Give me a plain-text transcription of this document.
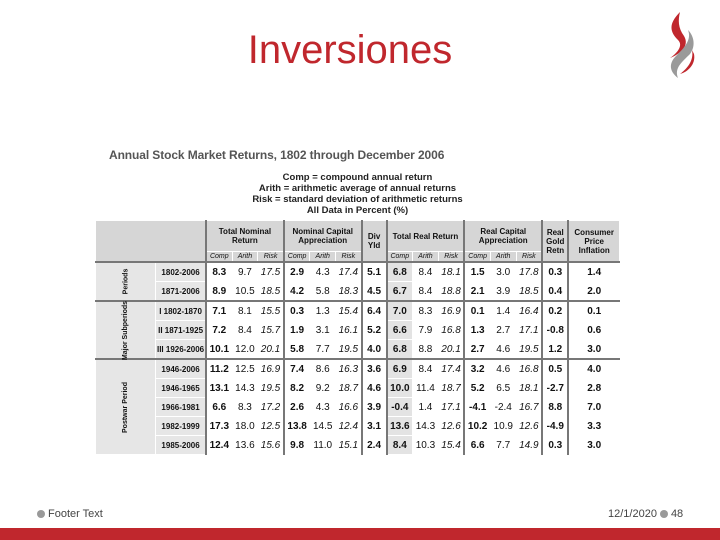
Inversiones
Annual Stock Market Returns, 1802 through December 2006
Comp = compound annual return
Arith = arithmetic average of annual returns
Risk = standard deviation of arithmetic returns
All Data in Percent (%)
		Total Nominal Return			Nominal Capital Appreciation			Div Yld	Total Real Return			Real Capital Appreciation			Real Gold Retn	Consumer Price Inflation
		Comp	Arith	Risk	Comp	Arith	Risk		Comp	Arith	Risk	Comp	Arith	Risk		
Periods	1802-2006	8.3	9.7	17.5	2.9	4.3	17.4	5.1	6.8	8.4	18.1	1.5	3.0	17.8	0.3	1.4
	1871-2006	8.9	10.5	18.5	4.2	5.8	18.3	4.5	6.7	8.4	18.8	2.1	3.9	18.5	0.4	2.0
Major Subperiods	I 1802-1870	7.1	8.1	15.5	0.3	1.3	15.4	6.4	7.0	8.3	16.9	0.1	1.4	16.4	0.2	0.1
	II 1871-1925	7.2	8.4	15.7	1.9	3.1	16.1	5.2	6.6	7.9	16.8	1.3	2.7	17.1	-0.8	0.6
	III 1926-2006	10.1	12.0	20.1	5.8	7.7	19.5	4.0	6.8	8.8	20.1	2.7	4.6	19.5	1.2	3.0
Postwar Period	1946-2006	11.2	12.5	16.9	7.4	8.6	16.3	3.6	6.9	8.4	17.4	3.2	4.6	16.8	0.5	4.0
	1946-1965	13.1	14.3	19.5	8.2	9.2	18.7	4.6	10.0	11.4	18.7	5.2	6.5	18.1	-2.7	2.8
	1966-1981	6.6	8.3	17.2	2.6	4.3	16.6	3.9	-0.4	1.4	17.1	-4.1	-2.4	16.7	8.8	7.0
	1982-1999	17.3	18.0	12.5	13.8	14.5	12.4	3.1	13.6	14.3	12.6	10.2	10.9	12.6	-4.9	3.3
	1985-2006	12.4	13.6	15.6	9.8	11.0	15.1	2.4	8.4	10.3	15.4	6.6	7.7	14.9	0.3	3.0
Footer Text	12/1/2020 48
